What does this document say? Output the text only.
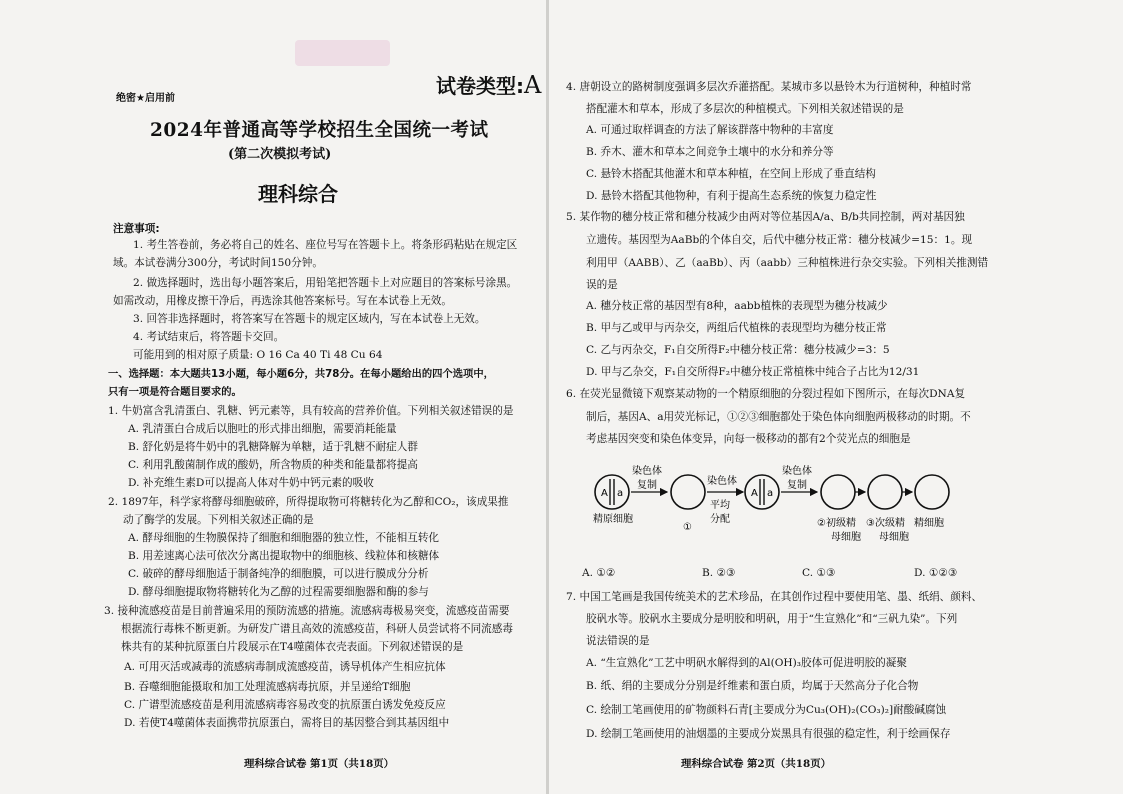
试卷类型:A
绝密★启用前
2024年普通高等学校招生全国统一考试
(第二次模拟考试)
理科综合
注意事项:
1. 考生答卷前，务必将自己的姓名、座位号写在答题卡上。将条形码粘贴在规定区
域。本试卷满分300分，考试时间150分钟。
2. 做选择题时，选出每小题答案后，用铅笔把答题卡上对应题目的答案标号涂黑。
如需改动，用橡皮擦干净后，再选涂其他答案标号。写在本试卷上无效。
3. 回答非选择题时，将答案写在答题卡的规定区域内，写在本试卷上无效。
4. 考试结束后，将答题卡交回。
可能用到的相对原子质量: O 16 Ca 40 Ti 48 Cu 64
一、选择题：本大题共13小题，每小题6分，共78分。在每小题给出的四个选项中，
只有一项是符合题目要求的。
1. 牛奶富含乳清蛋白、乳糖、钙元素等，具有较高的营养价值。下列相关叙述错误的是
A. 乳清蛋白合成后以胞吐的形式排出细胞，需要消耗能量
B. 舒化奶是将牛奶中的乳糖降解为单糖，适于乳糖不耐症人群
C. 利用乳酸菌制作成的酸奶，所含物质的种类和能量都将提高
D. 补充维生素D可以提高人体对牛奶中钙元素的吸收
2. 1897年，科学家将酵母细胞破碎，所得提取物可将糖转化为乙醇和CO₂，该成果推
动了酶学的发展。下列相关叙述正确的是
A. 酵母细胞的生物膜保持了细胞和细胞器的独立性，不能相互转化
B. 用差速离心法可依次分离出提取物中的细胞核、线粒体和核糖体
C. 破碎的酵母细胞适于制备纯净的细胞膜，可以进行膜成分分析
D. 酵母细胞提取物将糖转化为乙醇的过程需要细胞器和酶的参与
3. 接种流感疫苗是目前普遍采用的预防流感的措施。流感病毒极易突变，流感疫苗需要
根据流行毒株不断更新。为研发广谱且高效的流感疫苗，科研人员尝试将不同流感毒
株共有的某种抗原蛋白片段展示在T4噬菌体衣壳表面。下列叙述错误的是
A. 可用灭活或减毒的流感病毒制成流感疫苗，诱导机体产生相应抗体
B. 吞噬细胞能摄取和加工处理流感病毒抗原，并呈递给T细胞
C. 广谱型流感疫苗是利用流感病毒容易改变的抗原蛋白诱发免疫反应
D. 若使T4噬菌体表面携带抗原蛋白，需将目的基因整合到其基因组中
理科综合试卷 第1页（共18页）
4. 唐朝设立的路树制度强调多层次乔灌搭配。某城市多以悬铃木为行道树种，种植时常
搭配灌木和草本，形成了多层次的种植模式。下列相关叙述错误的是
A. 可通过取样调查的方法了解该群落中物种的丰富度
B. 乔木、灌木和草本之间竞争土壤中的水分和养分等
C. 悬铃木搭配其他灌木和草本种植，在空间上形成了垂直结构
D. 悬铃木搭配其他物种，有利于提高生态系统的恢复力稳定性
5. 某作物的穗分枝正常和穗分枝减少由两对等位基因A/a、B/b共同控制，两对基因独
立遗传。基因型为AaBb的个体自交，后代中穗分枝正常：穗分枝减少=15：1。现
利用甲（AABB）、乙（aaBb）、丙（aabb）三种植株进行杂交实验。下列相关推测错
误的是
A. 穗分枝正常的基因型有8种，aabb植株的表现型为穗分枝减少
B. 甲与乙或甲与丙杂交，两组后代植株的表现型均为穗分枝正常
C. 乙与丙杂交，F₁自交所得F₂中穗分枝正常：穗分枝减少=3：5
D. 甲与乙杂交，F₁自交所得F₂中穗分枝正常植株中纯合子占比为12/31
6. 在荧光显微镜下观察某动物的一个精原细胞的分裂过程如下图所示，在每次DNA复
制后，基因A、a用荧光标记，①②③细胞都处于染色体向细胞两极移动的时期。不
考虑基因突变和染色体变异，向每一极移动的都有2个荧光点的细胞是
A. ①②	B. ②③	C. ①③	D. ①②③
7. 中国工笔画是我国传统美术的艺术珍品，在其创作过程中要使用笔、墨、纸绢、颜料、
胶矾水等。胶矾水主要成分是明胶和明矾，用于“生宣熟化”和“三矾九染”。下列
说法错误的是
A. “生宣熟化”工艺中明矾水解得到的Al(OH)₃胶体可促进明胶的凝聚
B. 纸、绢的主要成分分别是纤维素和蛋白质，均属于天然高分子化合物
C. 绘制工笔画使用的矿物颜料石青[主要成分为Cu₃(OH)₂(CO₃)₂]耐酸碱腐蚀
D. 绘制工笔画使用的油烟墨的主要成分炭黑具有很强的稳定性，利于绘画保存
理科综合试卷 第2页（共18页）
A a
精原细胞
染色体
复制
①
染色体
平均
分配
A a
染色体
复制
②初级精
母细胞
③次级精
母细胞
精细胞
